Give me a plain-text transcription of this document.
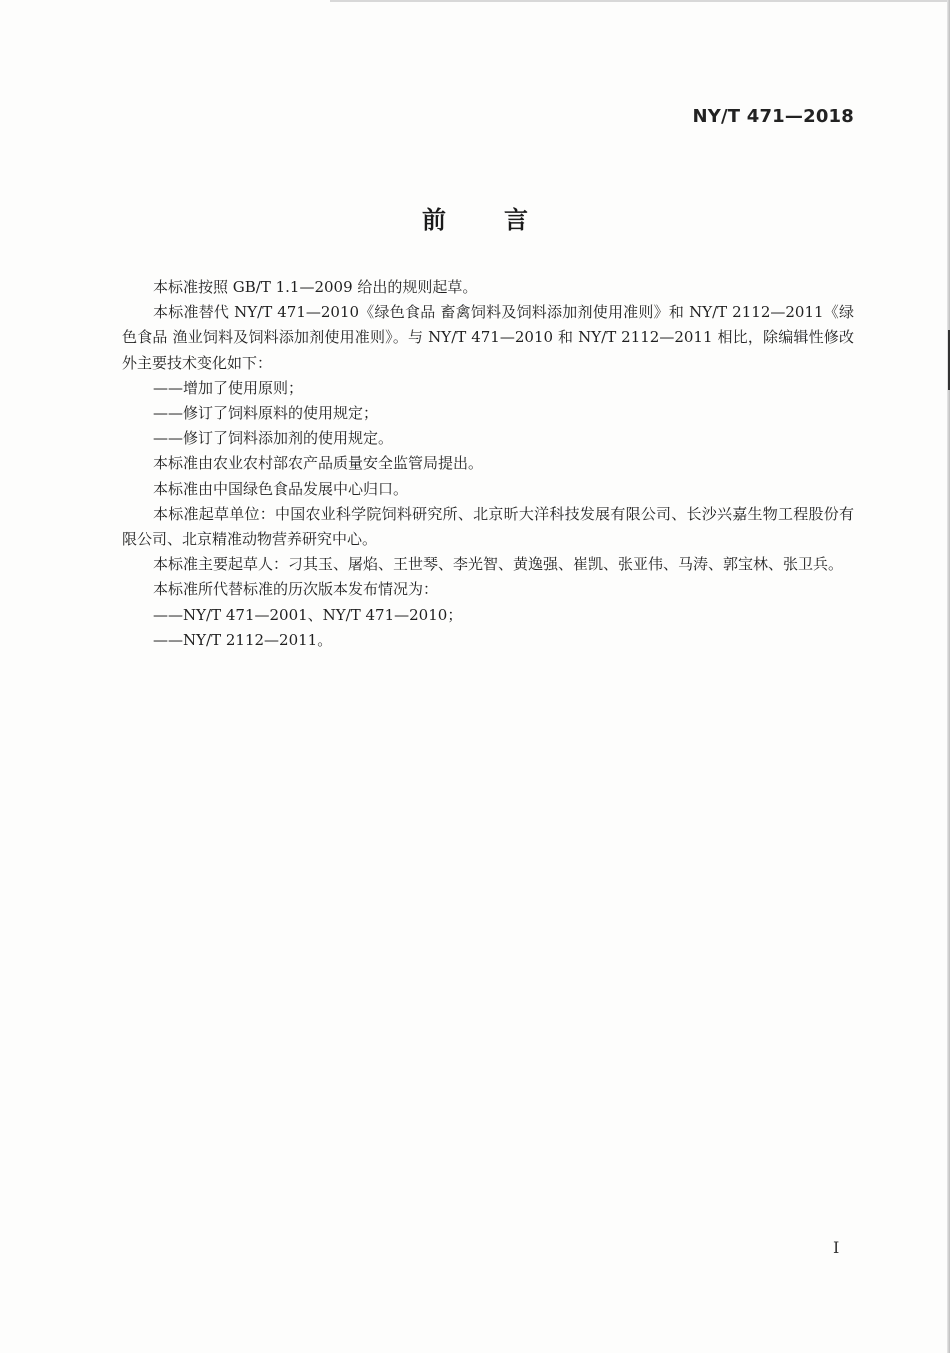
NY/T 471—2018
前言

本标准按照 GB/T 1.1—2009 给出的规则起草。

本标准替代 NY/T 471—2010《绿色食品 畜禽饲料及饲料添加剂使用准则》和 NY/T 2112—2011《绿色食品 渔业饲料及饲料添加剂使用准则》。与 NY/T 471—2010 和 NY/T 2112—2011 相比，除编辑性修改外主要技术变化如下：

——增加了使用原则；

——修订了饲料原料的使用规定；

——修订了饲料添加剂的使用规定。

本标准由农业农村部农产品质量安全监管局提出。

本标准由中国绿色食品发展中心归口。

本标准起草单位：中国农业科学院饲料研究所、北京昕大洋科技发展有限公司、长沙兴嘉生物工程股份有限公司、北京精准动物营养研究中心。

本标准主要起草人：刁其玉、屠焰、王世琴、李光智、黄逸强、崔凯、张亚伟、马涛、郭宝林、张卫兵。

本标准所代替标准的历次版本发布情况为：

——NY/T 471—2001、NY/T 471—2010；

——NY/T 2112—2011。

I
